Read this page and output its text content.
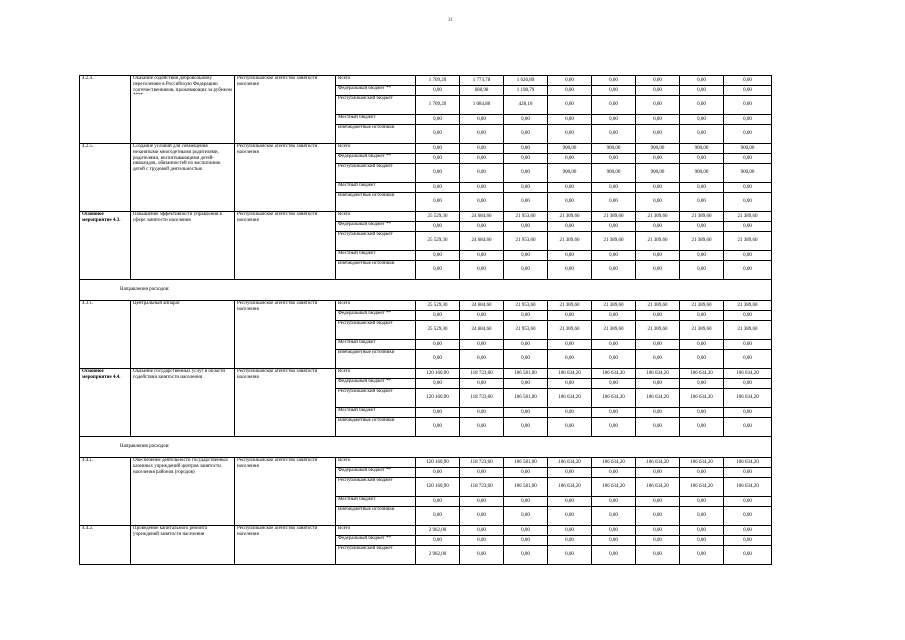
31
4.2.4.	Оказание содействия добровольному переселению в Российскую Федерацию соотечественников, проживающих за рубежом ****	Республиканское агентство занятости населения	Всего	1 709,20	1 773,78	1 626,89	0,00	0,00	0,00	0,00	0,00
			Федеральный бюджет **	0,00	688,98	1 198,79	0,00	0,00	0,00	0,00	0,00
			Республиканский бюджет	1 709,20	1 084,80	428,10	0,00	0,00	0,00	0,00	0,00
			Местный бюджет	0,00	0,00	0,00	0,00	0,00	0,00	0,00	0,00
			Внебюджетные источники	0,00	0,00	0,00	0,00	0,00	0,00	0,00	0,00
4.2.5.	Создание условий для совмещения незанятыми многодетными родителями, родителями, воспитывающими детей-инвалидов, обязанностей по воспитанию детей с трудовой деятельностью	Республиканское агентство занятости населения	Всего	0,00	0,00	0,00	900,00	900,00	900,00	900,00	900,00
			Федеральный бюджет **	0,00	0,00	0,00	0,00	0,00	0,00	0,00	0,00
			Республиканский бюджет	0,00	0,00	0,00	900,00	900,00	900,00	900,00	900,00
			Местный бюджет	0,00	0,00	0,00	0,00	0,00	0,00	0,00	0,00
			Внебюджетные источники	0,00	0,00	0,00	0,00	0,00	0,00	0,00	0,00
Основное мероприятие 4.3.	Повышение эффективности управления в сфере занятости населения	Республиканское агентство занятости населения	Всего	25 529,30	24 684,60	21 953,60	21 389,60	21 389,60	21 389,60	21 389,60	21 389,60
			Федеральный бюджет **	0,00	0,00	0,00	0,00	0,00	0,00	0,00	0,00
			Республиканский бюджет	25 529,30	24 684,60	21 953,60	21 389,60	21 389,60	21 389,60	21 389,60	21 389,60
			Местный бюджет	0,00	0,00	0,00	0,00	0,00	0,00	0,00	0,00
			Внебюджетные источники	0,00	0,00	0,00	0,00	0,00	0,00	0,00	0,00
Направления расходов:											
4.3.1.	Центральный аппарат	Республиканское агентство занятости населения	Всего	25 529,30	24 684,60	21 953,60	21 389,60	21 389,60	21 389,60	21 389,60	21 389,60
			Федеральный бюджет **	0,00	0,00	0,00	0,00	0,00	0,00	0,00	0,00
			Республиканский бюджет	25 529,30	24 684,60	21 953,60	21 389,60	21 389,60	21 389,60	21 389,60	21 389,60
			Местный бюджет	0,00	0,00	0,00	0,00	0,00	0,00	0,00	0,00
			Внебюджетные источники	0,00	0,00	0,00	0,00	0,00	0,00	0,00	0,00
Основное мероприятие 4.4.	Оказание государственных услуг в области содействия занятости населения	Республиканское агентство занятости населения	Всего	120 160,90	118 723,60	106 581,00	106 634,20	106 634,20	106 634,20	106 634,20	106 634,20
			Федеральный бюджет **	0,00	0,00	0,00	0,00	0,00	0,00	0,00	0,00
			Республиканский бюджет	120 160,90	118 723,60	106 581,00	106 634,20	106 634,20	106 634,20	106 634,20	106 634,20
			Местный бюджет	0,00	0,00	0,00	0,00	0,00	0,00	0,00	0,00
			Внебюджетные источники	0,00	0,00	0,00	0,00	0,00	0,00	0,00	0,00
Направления расходов:											
4.4.1.	Обеспечение деятельности государственных казенных учреждений центров занятости населения районов (городов)	Республиканское агентство занятости населения	Всего	120 160,90	118 723,60	106 581,00	106 634,20	106 634,20	106 634,20	106 634,20	106 634,20
			Федеральный бюджет **	0,00	0,00	0,00	0,00	0,00	0,00	0,00	0,00
			Республиканский бюджет	120 160,90	118 723,60	106 581,00	106 634,20	106 634,20	106 634,20	106 634,20	106 634,20
			Местный бюджет	0,00	0,00	0,00	0,00	0,00	0,00	0,00	0,00
			Внебюджетные источники	0,00	0,00	0,00	0,00	0,00	0,00	0,00	0,00
4.4.2.	Проведение капитального ремонта учреждений занятости населения	Республиканское агентство занятости населения	Всего	2 962,00	0,00	0,00	0,00	0,00	0,00	0,00	0,00
			Федеральный бюджет **	0,00	0,00	0,00	0,00	0,00	0,00	0,00	0,00
			Республиканский бюджет	2 962,00	0,00	0,00	0,00	0,00	0,00	0,00	0,00
